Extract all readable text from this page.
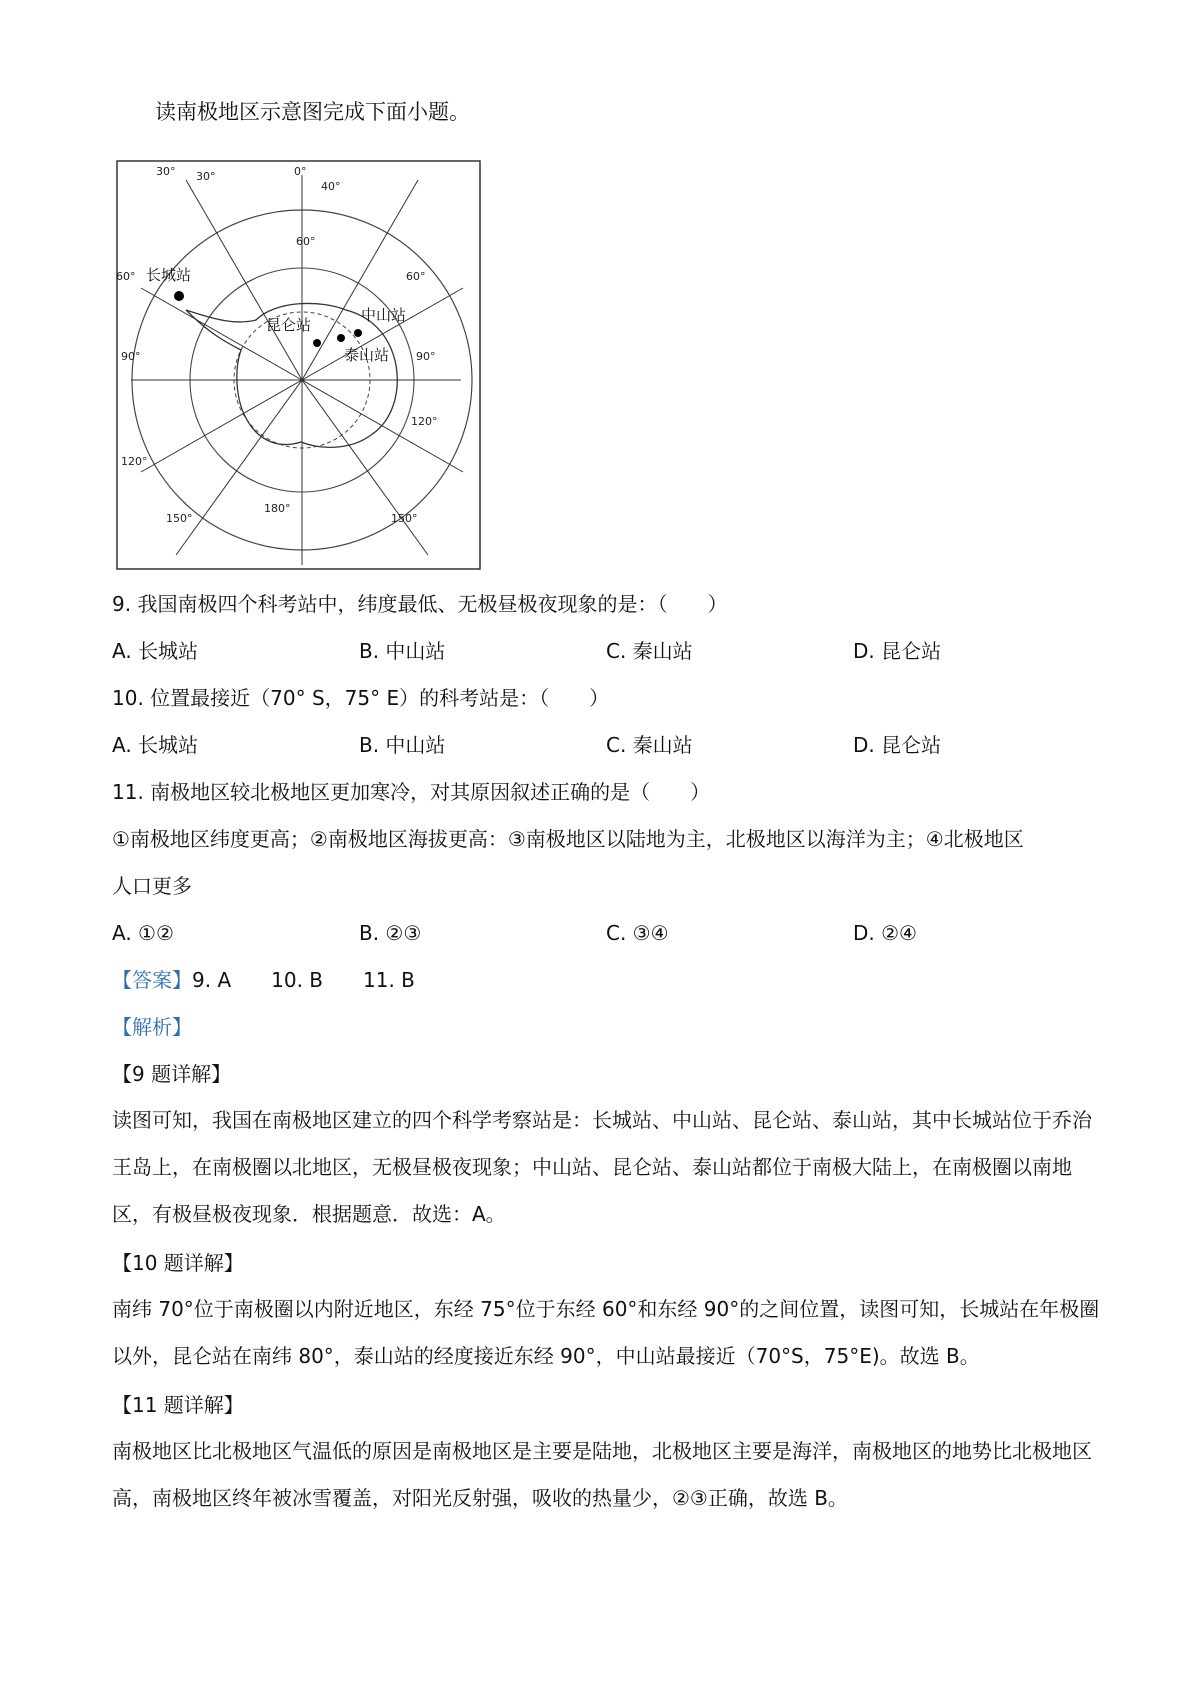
读南极地区示意图完成下面小题。
0°
30°
30°
40°
60°
60°	60°
90°	90°
120°
120°
150°	150°
180°
长城站
中山站
昆仑站
泰山站
9. 我国南极四个科考站中，纬度最低、无极昼极夜现象的是：（　　）
A. 长城站	B. 中山站	C. 秦山站	D. 昆仑站
10. 位置最接近（70° S，75° E）的科考站是：（　　）
A. 长城站	B. 中山站	C. 秦山站	D. 昆仑站
11. 南极地区较北极地区更加寒冷，对其原因叙述正确的是（　　）
①南极地区纬度更高；②南极地区海拔更高：③南极地区以陆地为主，北极地区以海洋为主；④北极地区
人口更多
A. ①②	B. ②③	C. ③④	D. ②④
【答案】9. A　　10. B　　11. B
【解析】
【9 题详解】
读图可知，我国在南极地区建立的四个科学考察站是：长城站、中山站、昆仑站、泰山站，其中长城站位于乔治王岛上，在南极圈以北地区，无极昼极夜现象；中山站、昆仑站、泰山站都位于南极大陆上，在南极圈以南地区，有极昼极夜现象．根据题意．故选：A。
【10 题详解】
南纬 70°位于南极圈以内附近地区，东经 75°位于东经 60°和东经 90°的之间位置，读图可知，长城站在年极圈以外，昆仑站在南纬 80°，泰山站的经度接近东经 90°，中山站最接近（70°S，75°E)。故选 B。
【11 题详解】
南极地区比北极地区气温低的原因是南极地区是主要是陆地，北极地区主要是海洋，南极地区的地势比北极地区高，南极地区终年被冰雪覆盖，对阳光反射强，吸收的热量少，②③正确，故选 B。
